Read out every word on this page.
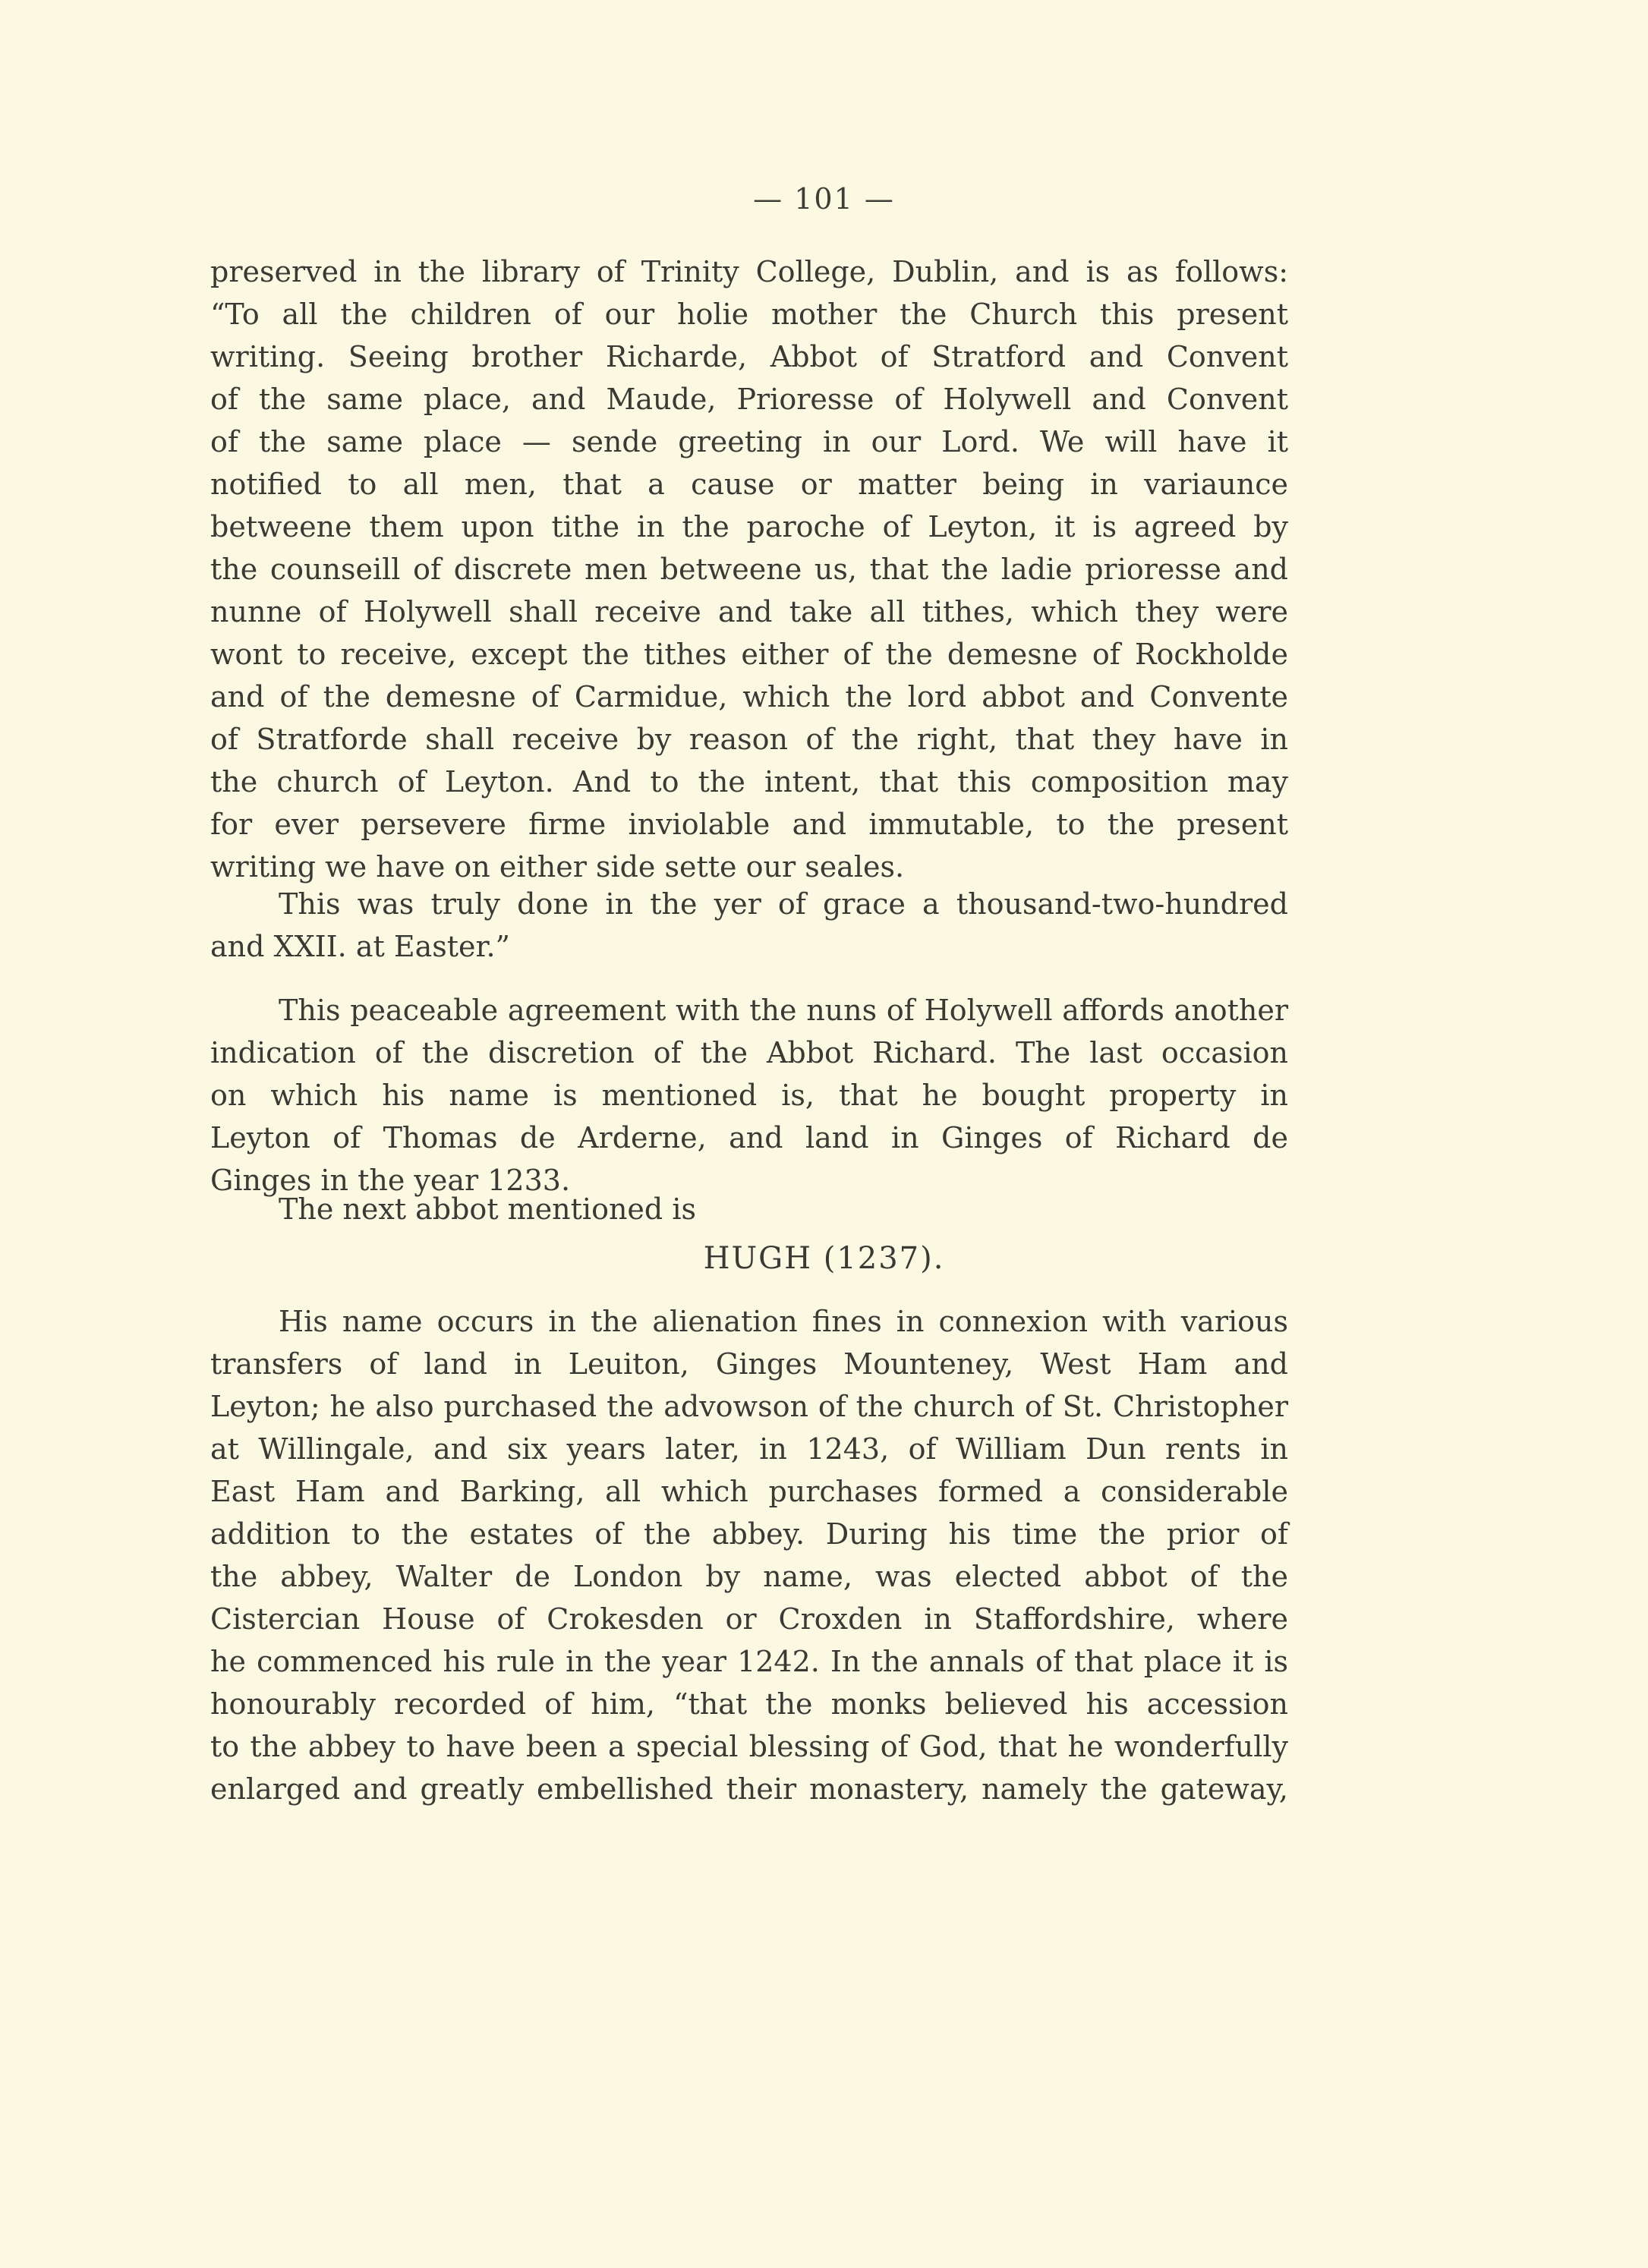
— 101 —
preserved in the library of Trinity College, Dublin, and is as follows:
“To all the children of our holie mother the Church this present
writing. Seeing brother Richarde, Abbot of Stratford and Convent
of the same place, and Maude, Prioresse of Holywell and Convent
of the same place — sende greeting in our Lord. We will have it
notified to all men, that a cause or matter being in variaunce
betweene them upon tithe in the paroche of Leyton, it is agreed by
the counseill of discrete men betweene us, that the ladie prioresse and
nunne of Holywell shall receive and take all tithes, which they were
wont to receive, except the tithes either of the demesne of Rockholde
and of the demesne of Carmidue, which the lord abbot and Convente
of Stratforde shall receive by reason of the right, that they have in
the church of Leyton. And to the intent, that this composition may
for ever persevere firme inviolable and immutable, to the present
writing we have on either side sette our seales.
This was truly done in the yer of grace a thousand-two-hundred
and XXII. at Easter.”
This peaceable agreement with the nuns of Holywell affords another
indication of the discretion of the Abbot Richard. The last occasion
on which his name is mentioned is, that he bought property in
Leyton of Thomas de Arderne, and land in Ginges of Richard de
Ginges in the year 1233.
The next abbot mentioned is
HUGH (1237).
His name occurs in the alienation fines in connexion with various
transfers of land in Leuiton, Ginges Mounteney, West Ham and
Leyton; he also purchased the advowson of the church of St. Christopher
at Willingale, and six years later, in 1243, of William Dun rents in
East Ham and Barking, all which purchases formed a considerable
addition to the estates of the abbey. During his time the prior of
the abbey, Walter de London by name, was elected abbot of the
Cistercian House of Crokesden or Croxden in Staffordshire, where
he commenced his rule in the year 1242. In the annals of that place it is
honourably recorded of him, “that the monks believed his accession
to the abbey to have been a special blessing of God, that he wonderfully
enlarged and greatly embellished their monastery, namely the gateway,
